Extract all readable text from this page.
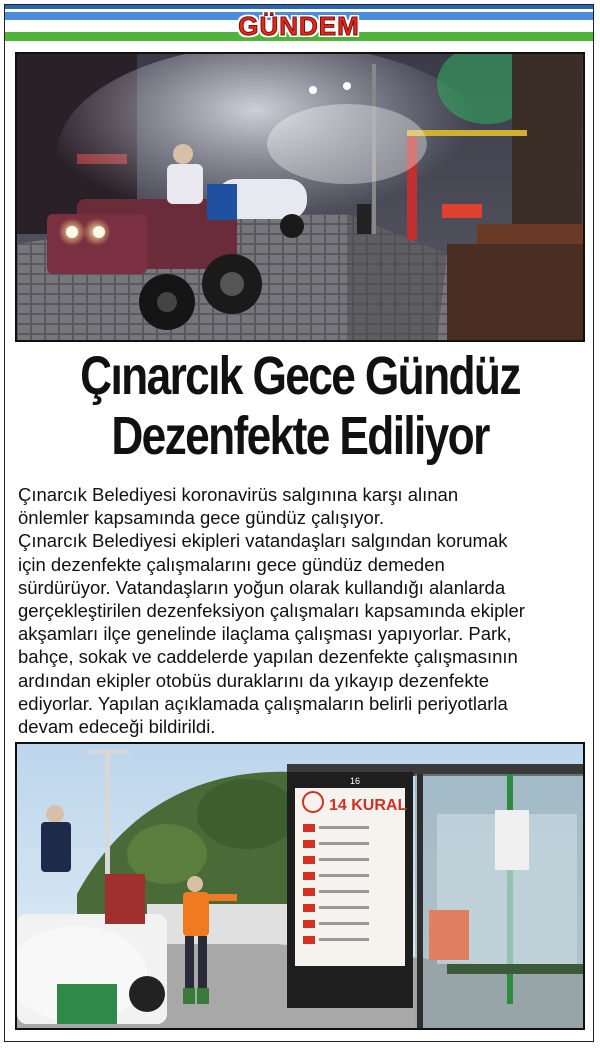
GÜNDEM
Çınarcık Gece Gündüz
Dezenfekte Ediliyor

Çınarcık Belediyesi koronavirüs salgınına karşı alınan

önlemler kapsamında gece gündüz çalışıyor.

Çınarcık Belediyesi ekipleri vatandaşları salgından korumak

için dezenfekte çalışmalarını gece gündüz demeden

sürdürüyor. Vatandaşların yoğun olarak kullandığı alanlarda

gerçekleştirilen dezenfeksiyon çalışmaları kapsamında ekipler

akşamları ilçe genelinde ilaçlama çalışması yapıyorlar. Park,

bahçe, sokak ve caddelerde yapılan dezenfekte çalışmasının

ardından ekipler otobüs duraklarını da yıkayıp dezenfekte

ediyorlar. Yapılan açıklamada çalışmaların belirli periyotlarla

devam edeceği bildirildi.

16
14 KURAL
